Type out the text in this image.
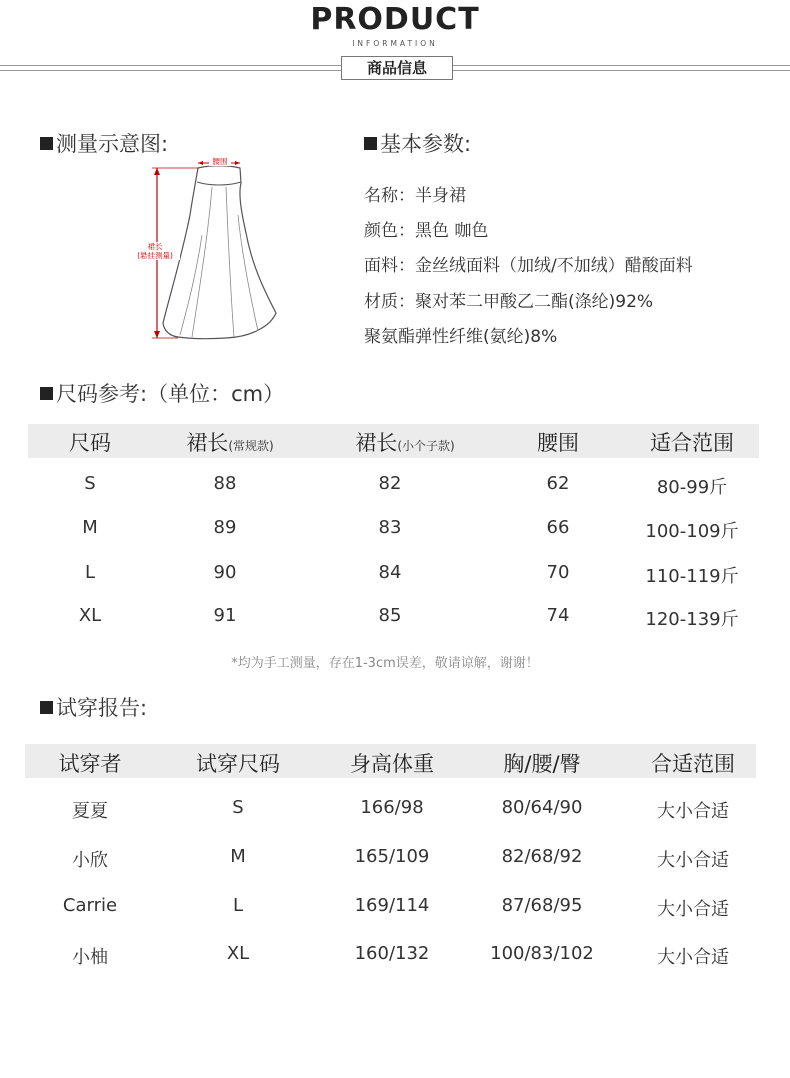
PRODUCT
INFORMATION
商品信息
测量示意图:
腰围
裙长
(悬挂测量)
基本参数:
名称：半身裙
颜色：黑色 咖色
面料：金丝绒面料（加绒/不加绒）醋酸面料
材质：聚对苯二甲酸乙二酯(涤纶)92%
聚氨酯弹性纤维(氨纶)8%
尺码参考:（单位：cm）
尺码	裙长(常规款)	裙长(小个子款)	腰围	适合范围
S	88	82	62	80-99斤
M	89	83	66	100-109斤
L	90	84	70	110-119斤
XL	91	85	74	120-139斤
*均为手工测量，存在1-3cm误差，敬请谅解，谢谢！
试穿报告:
试穿者	试穿尺码	身高体重	胸/腰/臀	合适范围
夏夏	S	166/98	80/64/90	大小合适
小欣	M	165/109	82/68/92	大小合适
Carrie	L	169/114	87/68/95	大小合适
小柚	XL	160/132	100/83/102	大小合适
